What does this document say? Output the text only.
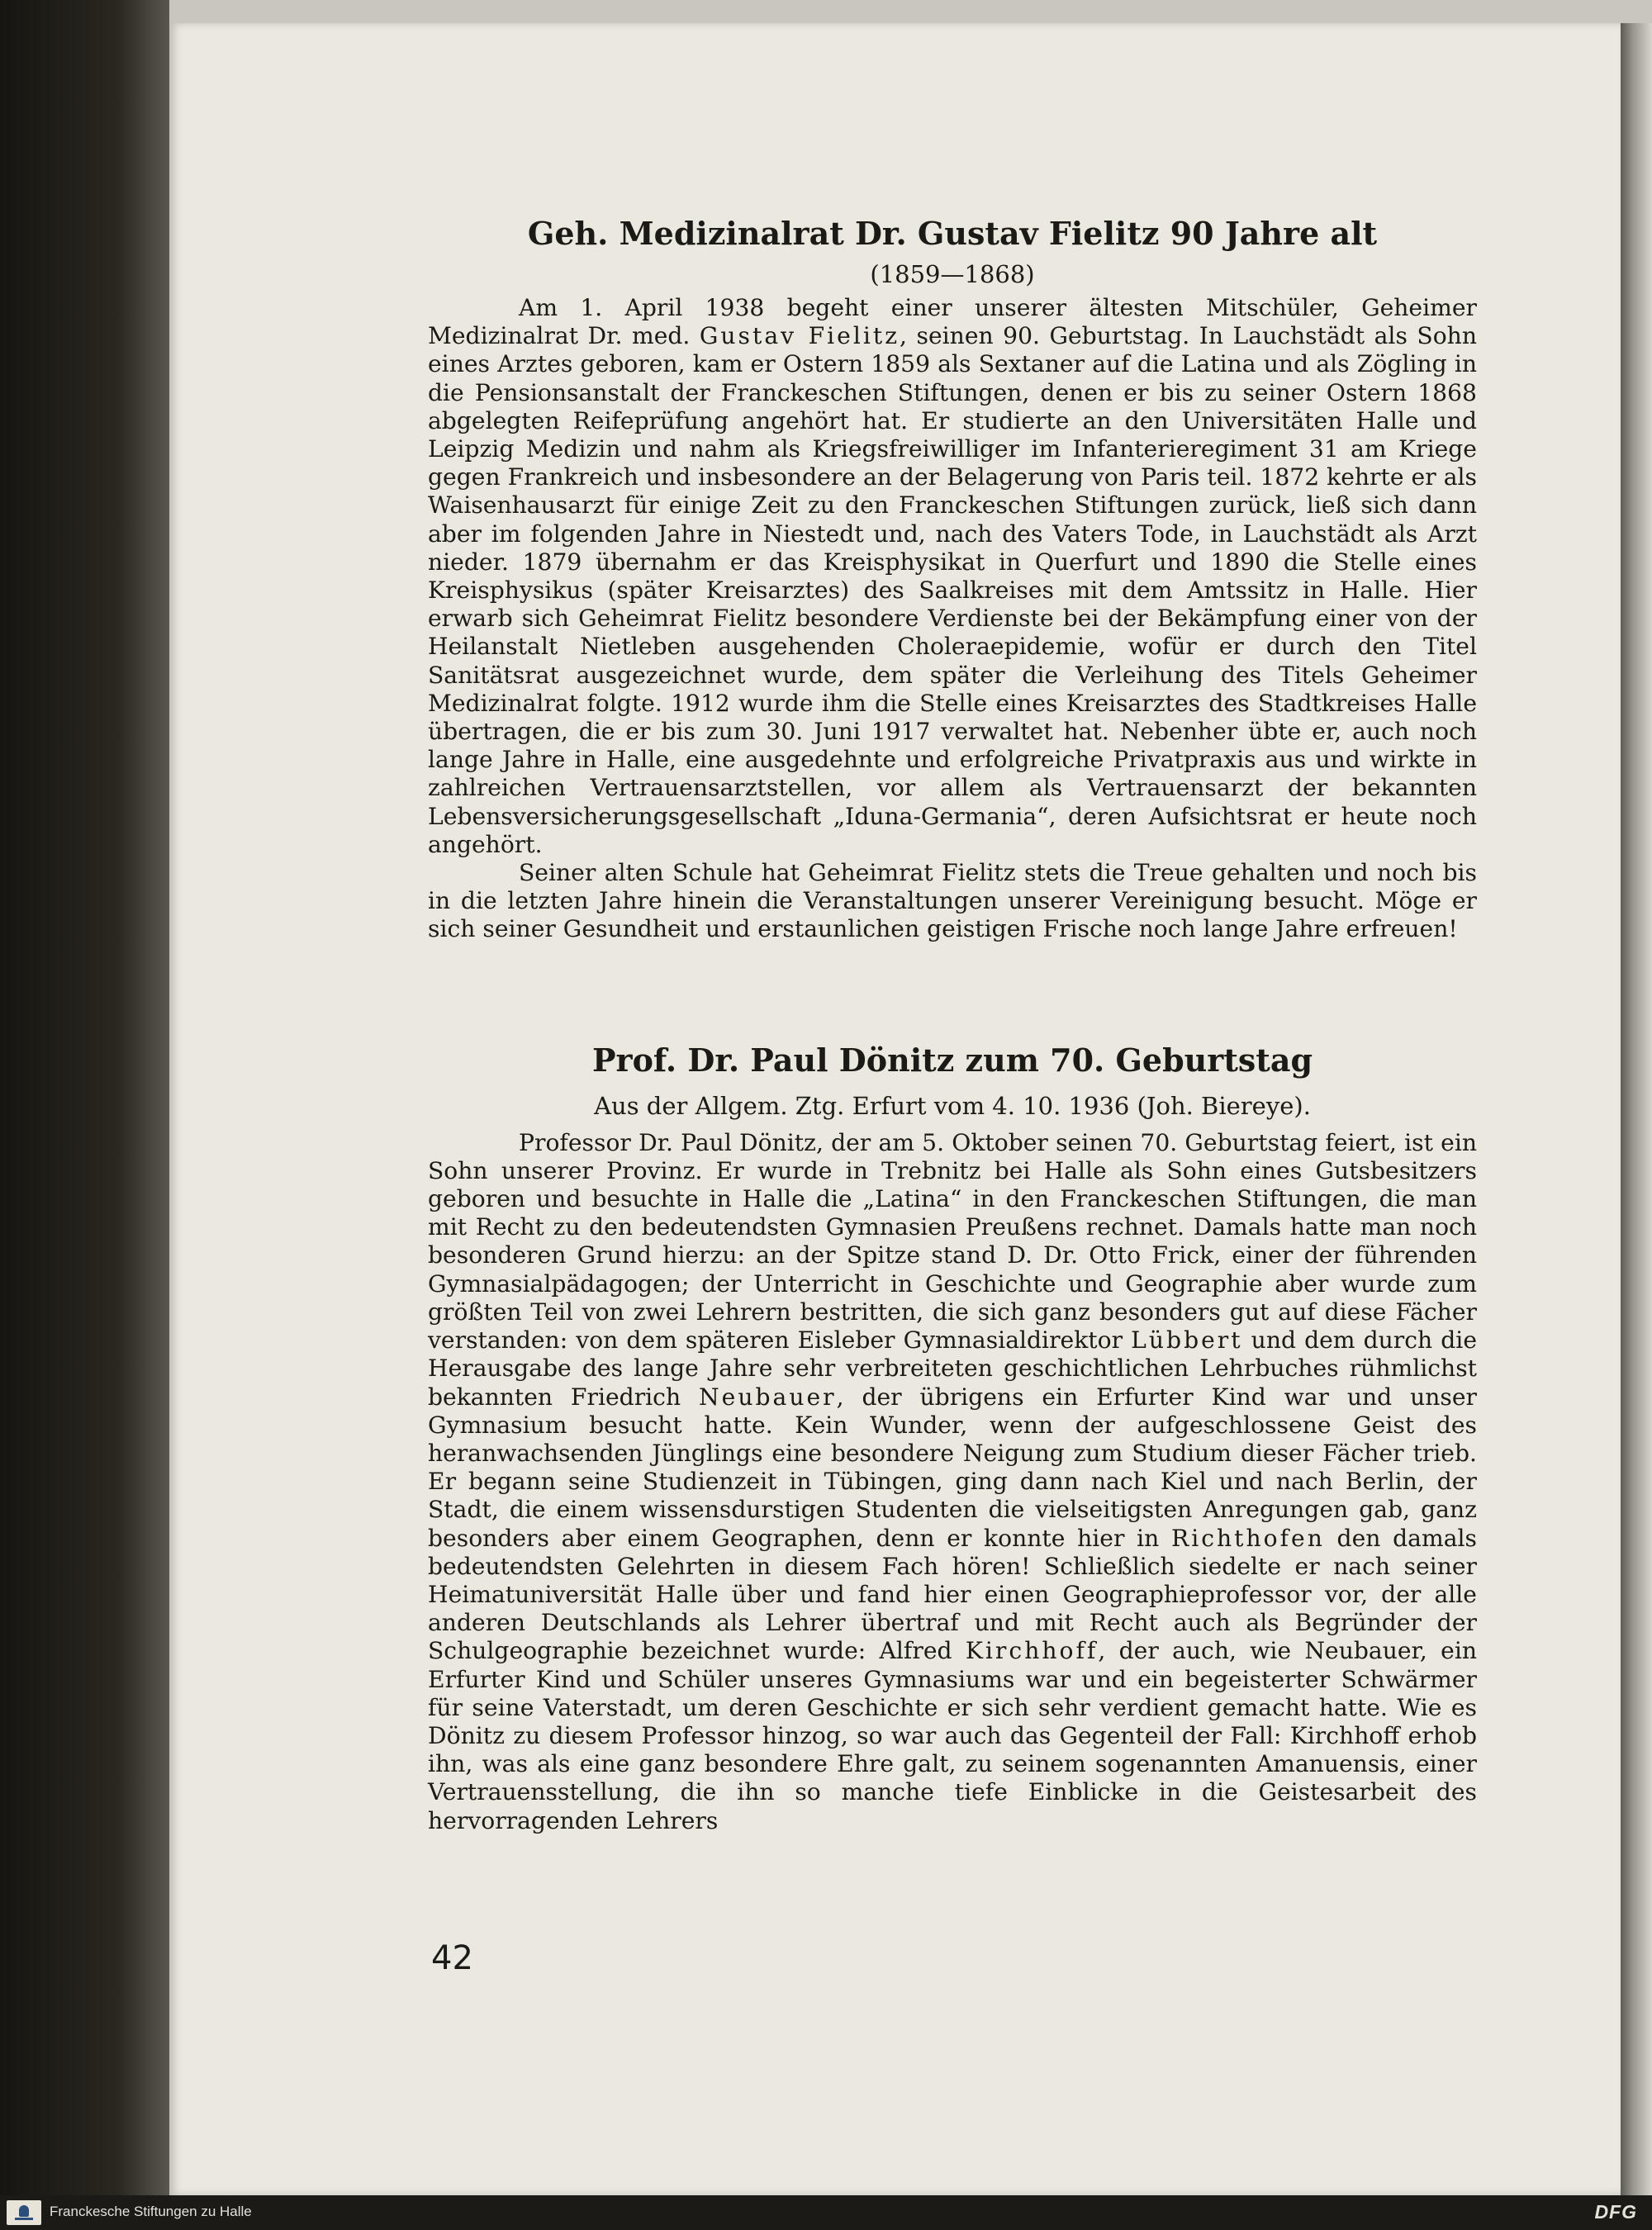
Geh. Medizinalrat Dr. Gustav Fielitz 90 Jahre alt
(1859—1868)

Am 1. April 1938 begeht einer unserer ältesten Mitschüler, Geheimer Medizinalrat Dr. med. Gustav Fielitz, seinen 90. Geburtstag. In Lauchstädt als Sohn eines Arztes geboren, kam er Ostern 1859 als Sextaner auf die Latina und als Zögling in die Pensionsanstalt der Franckeschen Stiftungen, denen er bis zu seiner Ostern 1868 abgelegten Reifeprüfung angehört hat. Er studierte an den Universitäten Halle und Leipzig Medizin und nahm als Kriegsfreiwilliger im Infanterieregiment 31 am Kriege gegen Frankreich und insbesondere an der Belagerung von Paris teil. 1872 kehrte er als Waisenhausarzt für einige Zeit zu den Franckeschen Stiftungen zurück, ließ sich dann aber im folgenden Jahre in Niestedt und, nach des Vaters Tode, in Lauchstädt als Arzt nieder. 1879 übernahm er das Kreisphysikat in Querfurt und 1890 die Stelle eines Kreisphysikus (später Kreisarztes) des Saalkreises mit dem Amtssitz in Halle. Hier erwarb sich Geheimrat Fielitz besondere Verdienste bei der Bekämpfung einer von der Heilanstalt Nietleben ausgehenden Choleraepidemie, wofür er durch den Titel Sanitätsrat ausgezeichnet wurde, dem später die Verleihung des Titels Geheimer Medizinalrat folgte. 1912 wurde ihm die Stelle eines Kreisarztes des Stadtkreises Halle übertragen, die er bis zum 30. Juni 1917 verwaltet hat. Nebenher übte er, auch noch lange Jahre in Halle, eine ausgedehnte und erfolgreiche Privatpraxis aus und wirkte in zahlreichen Vertrauensarztstellen, vor allem als Vertrauensarzt der bekannten Lebensversicherungsgesellschaft „Iduna-Germania“, deren Aufsichtsrat er heute noch angehört.

Seiner alten Schule hat Geheimrat Fielitz stets die Treue gehalten und noch bis in die letzten Jahre hinein die Veranstaltungen unserer Vereinigung besucht. Möge er sich seiner Gesundheit und erstaunlichen geistigen Frische noch lange Jahre erfreuen!

Prof. Dr. Paul Dönitz zum 70. Geburtstag
Aus der Allgem. Ztg. Erfurt vom 4. 10. 1936 (Joh. Biereye).

Professor Dr. Paul Dönitz, der am 5. Oktober seinen 70. Geburtstag feiert, ist ein Sohn unserer Provinz. Er wurde in Trebnitz bei Halle als Sohn eines Gutsbesitzers geboren und besuchte in Halle die „Latina“ in den Franckeschen Stiftungen, die man mit Recht zu den bedeutendsten Gymnasien Preußens rechnet. Damals hatte man noch besonderen Grund hierzu: an der Spitze stand D. Dr. Otto Frick, einer der führenden Gymnasialpädagogen; der Unterricht in Geschichte und Geographie aber wurde zum größten Teil von zwei Lehrern bestritten, die sich ganz besonders gut auf diese Fächer verstanden: von dem späteren Eisleber Gymnasialdirektor Lübbert und dem durch die Herausgabe des lange Jahre sehr verbreiteten geschichtlichen Lehrbuches rühmlichst bekannten Friedrich Neubauer, der übrigens ein Erfurter Kind war und unser Gymnasium besucht hatte. Kein Wunder, wenn der aufgeschlossene Geist des heranwachsenden Jünglings eine besondere Neigung zum Studium dieser Fächer trieb. Er begann seine Studienzeit in Tübingen, ging dann nach Kiel und nach Berlin, der Stadt, die einem wissensdurstigen Studenten die vielseitigsten Anregungen gab, ganz besonders aber einem Geographen, denn er konnte hier in Richthofen den damals bedeutendsten Gelehrten in diesem Fach hören! Schließlich siedelte er nach seiner Heimatuniversität Halle über und fand hier einen Geographieprofessor vor, der alle anderen Deutschlands als Lehrer übertraf und mit Recht auch als Begründer der Schulgeographie bezeichnet wurde: Alfred Kirchhoff, der auch, wie Neubauer, ein Erfurter Kind und Schüler unseres Gymnasiums war und ein begeisterter Schwärmer für seine Vaterstadt, um deren Geschichte er sich sehr verdient gemacht hatte. Wie es Dönitz zu diesem Professor hinzog, so war auch das Gegenteil der Fall: Kirchhoff erhob ihn, was als eine ganz besondere Ehre galt, zu seinem sogenannten Amanuensis, einer Vertrauensstellung, die ihn so manche tiefe Einblicke in die Geistesarbeit des hervorragenden Lehrers

42
Franckesche Stiftungen zu Halle	DFG
